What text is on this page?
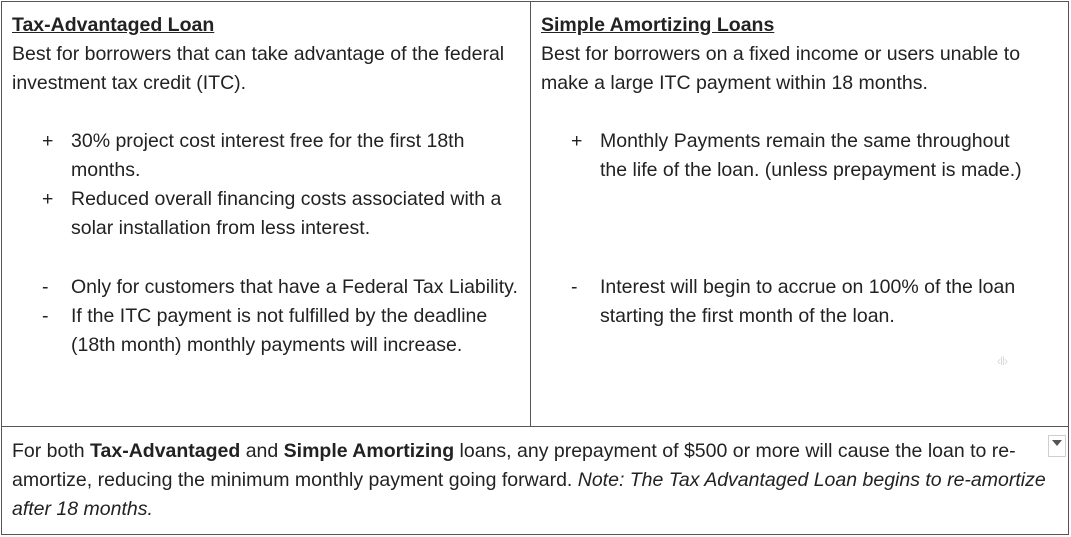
Tax-Advantaged Loan
Best for borrowers that can take advantage of the federal investment tax credit (ITC).
+ 30% project cost interest free for the first 18th months.
+ Reduced overall financing costs associated with a solar installation from less interest.
- Only for customers that have a Federal Tax Liability.
- If the ITC payment is not fulfilled by the deadline (18th month) monthly payments will increase.
Simple Amortizing Loans
Best for borrowers on a fixed income or users unable to make a large ITC payment within 18 months.
+ Monthly Payments remain the same throughout the life of the loan. (unless prepayment is made.)
- Interest will begin to accrue on 100% of the loan starting the first month of the loan.
‹‖›

For both Tax-Advantaged and Simple Amortizing loans, any prepayment of $500 or more will cause the loan to re-amortize, reducing the minimum monthly payment going forward. Note: The Tax Advantaged Loan begins to re-amortize after 18 months.
